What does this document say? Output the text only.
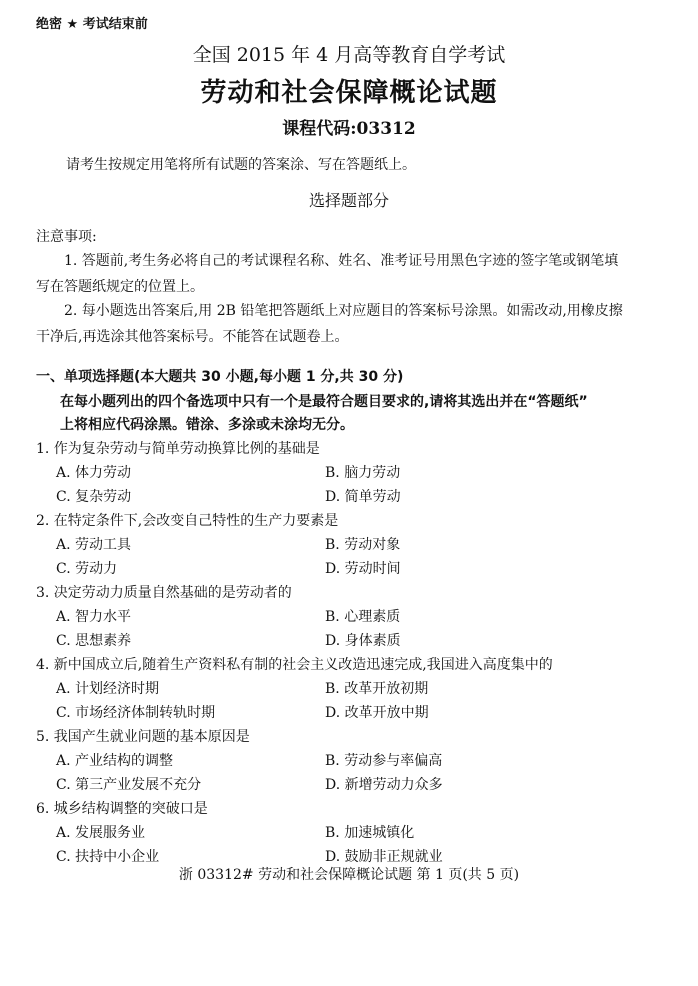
绝密 ★ 考试结束前
全国 2015 年 4 月高等教育自学考试
劳动和社会保障概论试题
课程代码:03312
请考生按规定用笔将所有试题的答案涂、写在答题纸上。
选择题部分
注意事项:
1. 答题前,考生务必将自己的考试课程名称、姓名、准考证号用黑色字迹的签字笔或钢笔填写在答题纸规定的位置上。
2. 每小题选出答案后,用 2B 铅笔把答题纸上对应题目的答案标号涂黑。如需改动,用橡皮擦干净后,再选涂其他答案标号。不能答在试题卷上。
一、单项选择题(本大题共 30 小题,每小题 1 分,共 30 分)
在每小题列出的四个备选项中只有一个是最符合题目要求的,请将其选出并在“答题纸”
上将相应代码涂黑。错涂、多涂或未涂均无分。
1. 作为复杂劳动与简单劳动换算比例的基础是
A. 体力劳动	B. 脑力劳动
C. 复杂劳动	D. 简单劳动
2. 在特定条件下,会改变自己特性的生产力要素是
A. 劳动工具	B. 劳动对象
C. 劳动力	D. 劳动时间
3. 决定劳动力质量自然基础的是劳动者的
A. 智力水平	B. 心理素质
C. 思想素养	D. 身体素质
4. 新中国成立后,随着生产资料私有制的社会主义改造迅速完成,我国进入高度集中的
A. 计划经济时期	B. 改革开放初期
C. 市场经济体制转轨时期	D. 改革开放中期
5. 我国产生就业问题的基本原因是
A. 产业结构的调整	B. 劳动参与率偏高
C. 第三产业发展不充分	D. 新增劳动力众多
6. 城乡结构调整的突破口是
A. 发展服务业	B. 加速城镇化
C. 扶持中小企业	D. 鼓励非正规就业
浙 03312# 劳动和社会保障概论试题 第 1 页(共 5 页)
